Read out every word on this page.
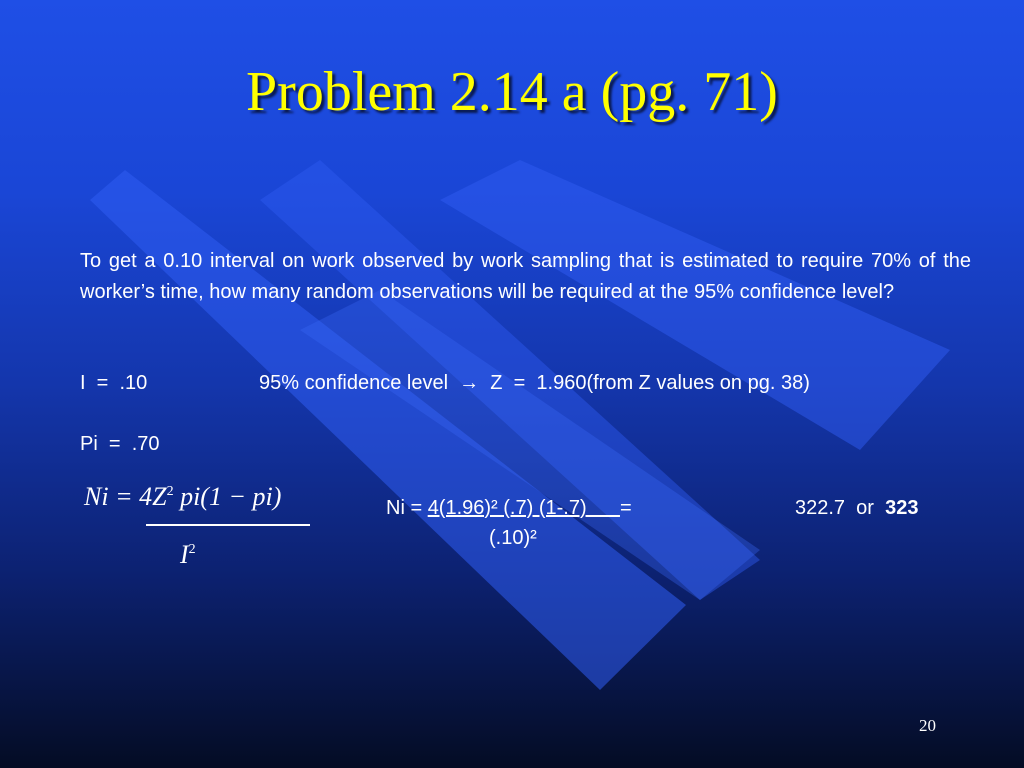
Problem 2.14 a (pg. 71)
To get a 0.10 interval on work observed by work sampling that is estimated to require 70% of the worker’s time, how many random observations will be required at the 95% confidence level?
I  =  .10	95% confidence level → Z  =  1.960(from Z values on pg. 38)
Pi  =  .70
$Ni = 4Z^2$ pi(1 − pi)
$I^2$
Ni = 4(1.96)² (.7) (1-.7)      =
(.10)²
322.7  or 323
20
